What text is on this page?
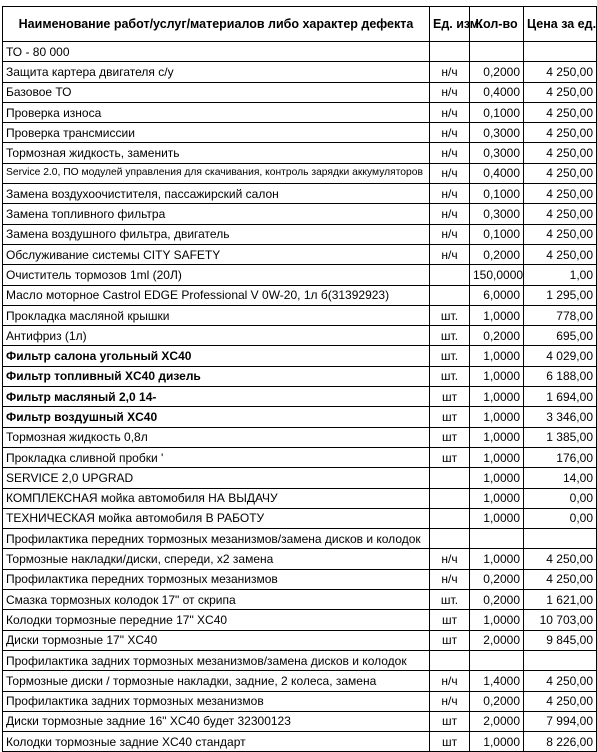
Наименование работ/услуг/материалов либо характер дефекта	Ед. изм.	Кол-во	Цена за ед.
ТО - 80 000			
Защита картера двигателя с/у	н/ч	0,2000	4 250,00
Базовое ТО	н/ч	0,4000	4 250,00
Проверка износа	н/ч	0,1000	4 250,00
Проверка трансмиссии	н/ч	0,3000	4 250,00
Тормозная жидкость, заменить	н/ч	0,3000	4 250,00
Service 2.0, ПО модулей управления для скачивания, контроль зарядки аккумуляторов	н/ч	0,4000	4 250,00
Замена воздухоочистителя, пассажирский салон	н/ч	0,1000	4 250,00
Замена топливного фильтра	н/ч	0,3000	4 250,00
Замена воздушного фильтра, двигатель	н/ч	0,1000	4 250,00
Обслуживание системы CITY SAFETY	н/ч	0,2000	4 250,00
Очиститель тормозов 1ml (20Л)		150,0000	1,00
Масло моторное Castrol EDGE Professional V 0W-20, 1л б(31392923)		6,0000	1 295,00
Прокладка масляной крышки	шт.	1,0000	778,00
Антифриз (1л)	шт.	0,2000	695,00
Фильтр салона угольный XC40	шт.	1,0000	4 029,00
Фильтр топливный XC40 дизель	шт.	1,0000	6 188,00
Фильтр масляный 2,0 14-	шт	1,0000	1 694,00
Фильтр воздушный XC40	шт	1,0000	3 346,00
Тормозная жидкость 0,8л	шт	1,0000	1 385,00
Прокладка сливной пробки '	шт	1,0000	176,00
SERVICE 2,0 UPGRAD		1,0000	14,00
КОМПЛЕКСНАЯ мойка автомобиля НА ВЫДАЧУ		1,0000	0,00
ТЕХНИЧЕСКАЯ мойка автомобиля В РАБОТУ		1,0000	0,00
Профилактика передних тормозных мезанизмов/замена дисков и колодок			
Тормозные накладки/диски, спереди, x2 замена	н/ч	1,0000	4 250,00
Профилактика передних тормозных мезанизмов	н/ч	0,2000	4 250,00
Смазка тормозных колодок 17" от скрипа	шт.	0,2000	1 621,00
Колодки тормозные передние 17" XC40	шт	1,0000	10 703,00
Диски тормозные 17" XC40	шт	2,0000	9 845,00
Профилактика задних тормозных мезанизмов/замена дисков и колодок			
Тормозные диски / тормозные накладки, задние, 2 колеса, замена	н/ч	1,4000	4 250,00
Профилактика задних тормозных мезанизмов	н/ч	0,2000	4 250,00
Диски тормозные задние 16" XC40 будет 32300123	шт	2,0000	7 994,00
Колодки тормозные задние XC40 стандарт	шт	1,0000	8 226,00
